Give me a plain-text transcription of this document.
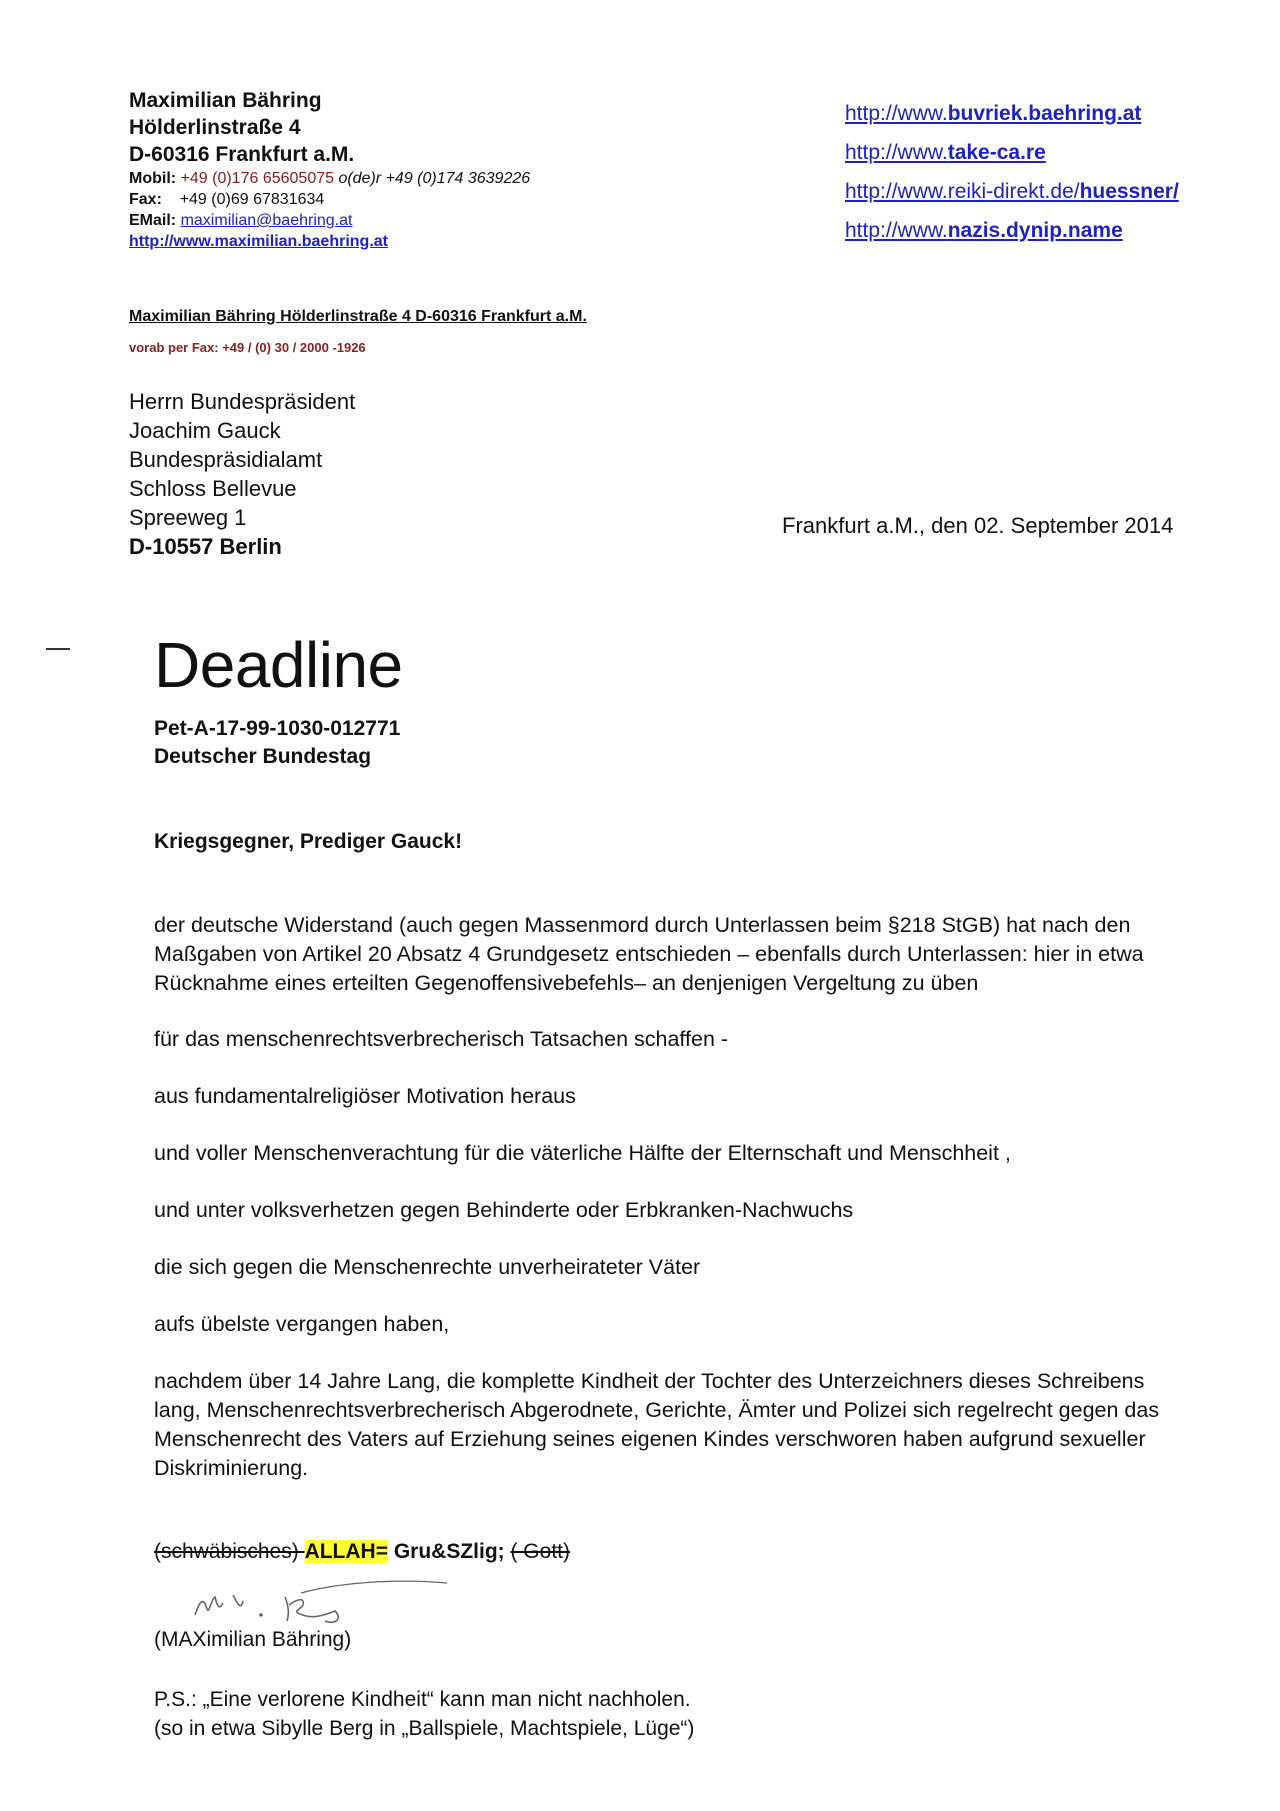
Maximilian Bähring
Hölderlinstraße 4
D-60316 Frankfurt a.M.
Mobil: +49 (0)176 65605075 o(de)r +49 (0)174 3639226
Fax: +49 (0)69 67831634
EMail: maximilian@baehring.at
http://www.maximilian.baehring.at
http://www.buvriek.baehring.at
http://www.take-ca.re
http://www.reiki-direkt.de/huessner/
http://www.nazis.dynip.name
Maximilian Bähring Hölderlinstraße 4 D-60316 Frankfurt a.M.
vorab per Fax: +49 / (0) 30 / 2000 -1926
Herrn Bundespräsident
Joachim Gauck
Bundespräsidialamt
Schloss Bellevue
Spreeweg 1
D-10557 Berlin
Frankfurt a.M., den 02. September 2014
Deadline
Pet-A-17-99-1030-012771
Deutscher Bundestag
Kriegsgegner, Prediger Gauck!
der deutsche Widerstand (auch gegen Massenmord durch Unterlassen beim §218 StGB) hat nach den Maßgaben von Artikel 20 Absatz 4 Grundgesetz entschieden – ebenfalls durch Unterlassen: hier in etwa Rücknahme eines erteilten Gegenoffensivebefehls– an denjenigen Vergeltung zu üben
für das menschenrechtsverbrecherisch Tatsachen schaffen -
aus fundamentalreligiöser Motivation heraus
und voller Menschenverachtung für die väterliche Hälfte der Elternschaft und Menschheit ,
und unter volksverhetzen gegen Behinderte oder Erbkranken-Nachwuchs
die sich gegen die Menschenrechte unverheirateter Väter
aufs übelste vergangen haben,
nachdem über 14 Jahre Lang, die komplette Kindheit der Tochter des Unterzeichners dieses Schreibens lang, Menschenrechtsverbrecherisch Abgerodnete, Gerichte, Ämter und Polizei sich regelrecht gegen das Menschenrecht des Vaters auf Erziehung seines eigenen Kindes verschworen haben aufgrund sexueller Diskriminierung.
(schwäbisches) ALLAH= Gru&SZlig; ( Gott)
(MAXimilian Bähring)
P.S.: „Eine verlorene Kindheit“ kann man nicht nachholen.
(so in etwa Sibylle Berg in „Ballspiele, Machtspiele, Lüge“)
